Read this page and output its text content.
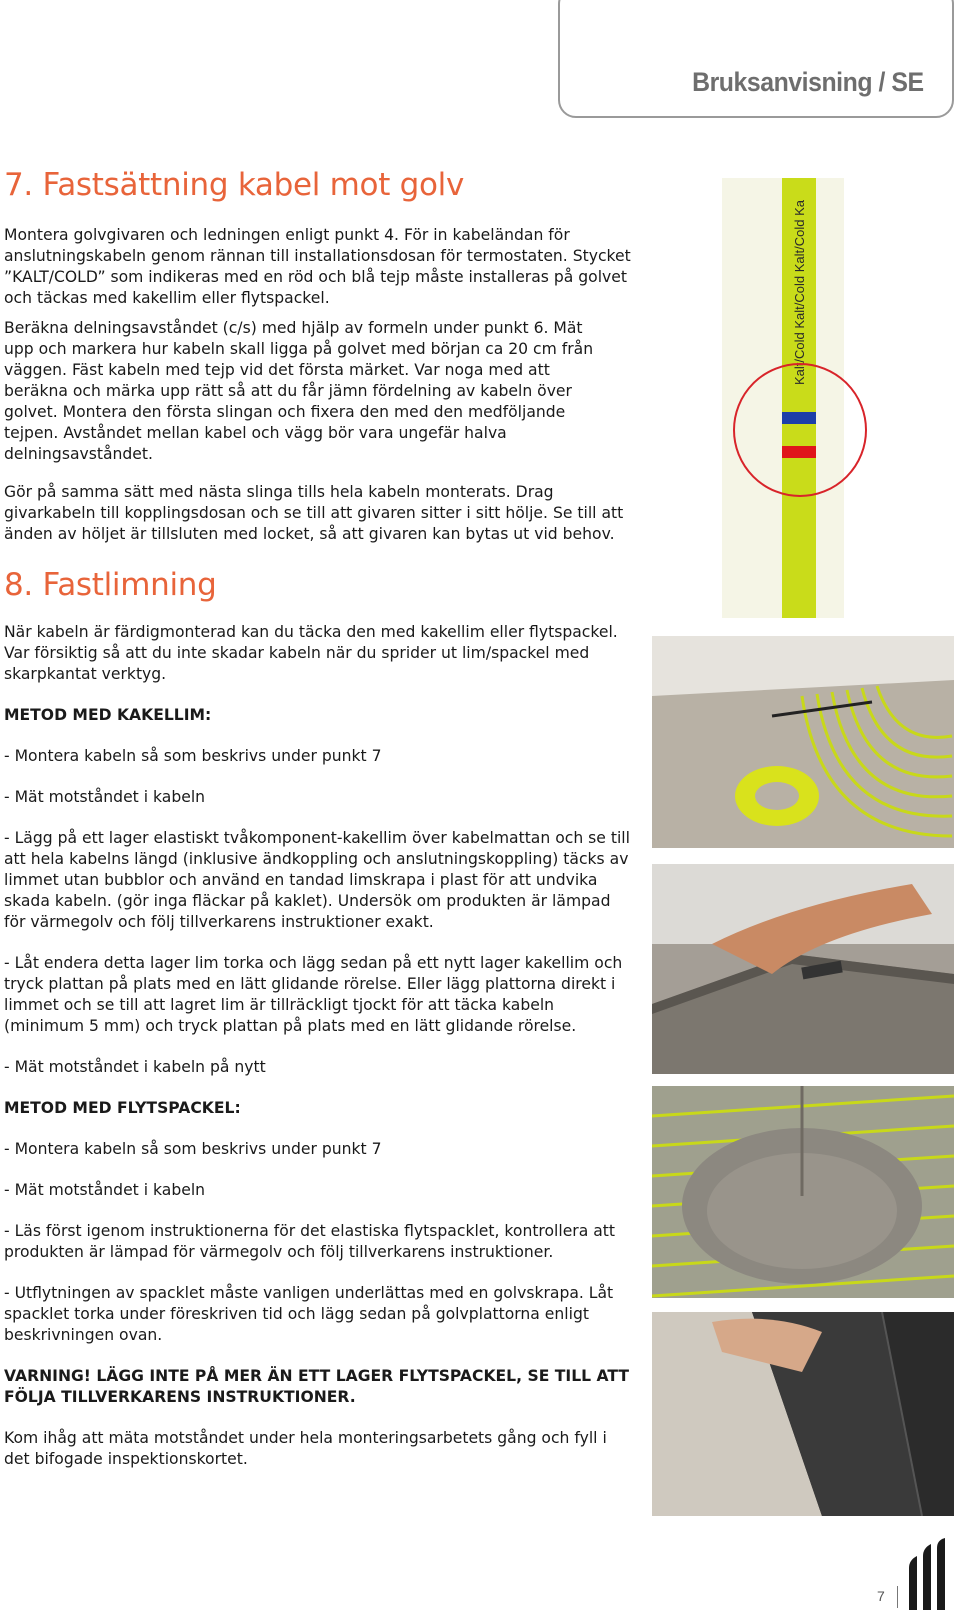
Bruksanvisning / SE
7. Fastsättning kabel mot golv

Montera golvgivaren och ledningen enligt punkt 4. För in kabeländan för anslutningskabeln genom rännan till installationsdosan för termostaten. Stycket ”KALT/COLD” som indikeras med en röd och blå tejp måste installeras på golvet och täckas med kakellim eller flytspackel.

Beräkna delningsavståndet (c/s) med hjälp av formeln under punkt 6. Mät upp och markera hur kabeln skall ligga på golvet med början ca 20 cm från väggen. Fäst kabeln med tejp vid det första märket. Var noga med att beräkna och märka upp rätt så att du får jämn fördelning av kabeln över golvet. Montera den första slingan och fixera den med den medföljande tejpen. Avståndet mellan kabel och vägg bör vara ungefär halva delningsavståndet.

Gör på samma sätt med nästa slinga tills hela kabeln monterats. Drag givarkabeln till kopplingsdosan och se till att givaren sitter i sitt hölje. Se till att änden av höljet är tillsluten med locket, så att givaren kan bytas ut vid behov.

Kalt/Cold Kalt/Cold Kalt/Cold Ka
8. Fastlimning

När kabeln är färdigmonterad kan du täcka den med kakellim eller flytspackel. Var försiktig så att du inte skadar kabeln när du sprider ut lim/spackel med skarpkantat verktyg.

METOD MED KAKELLIM:

- Montera kabeln så som beskrivs under punkt 7

- Mät motståndet i kabeln

- Lägg på ett lager elastiskt tvåkomponent-kakellim över kabelmattan och se till att hela kabelns längd (inklusive ändkoppling och anslutningskoppling) täcks av limmet utan bubblor och använd en tandad limskrapa i plast för att undvika skada kabeln. (gör inga fläckar på kaklet). Undersök om produkten är lämpad för värmegolv och följ tillverkarens instruktioner exakt.

- Låt endera detta lager lim torka och lägg sedan på ett nytt lager kakellim och tryck plattan på plats med en lätt glidande rörelse. Eller lägg plattorna direkt i limmet och se till att lagret lim är tillräckligt tjockt för att täcka kabeln (minimum 5 mm) och tryck plattan på plats med en lätt glidande rörelse.

- Mät motståndet i kabeln på nytt

METOD MED FLYTSPACKEL:

- Montera kabeln så som beskrivs under punkt 7

- Mät motståndet i kabeln

- Läs först igenom instruktionerna för det elastiska flytspacklet, kontrollera att produkten är lämpad för värmegolv och följ tillverkarens instruktioner.

- Utflytningen av spacklet måste vanligen underlättas med en golvskrapa. Låt spacklet torka under föreskriven tid och lägg sedan på golvplattorna enligt beskrivningen ovan.

VARNING! LÄGG INTE PÅ MER ÄN ETT LAGER FLYTSPACKEL, SE TILL ATT FÖLJA TILLVERKARENS INSTRUKTIONER.

Kom ihåg att mäta motståndet under hela monteringsarbetets gång och fyll i det bifogade inspektionskortet.

7
